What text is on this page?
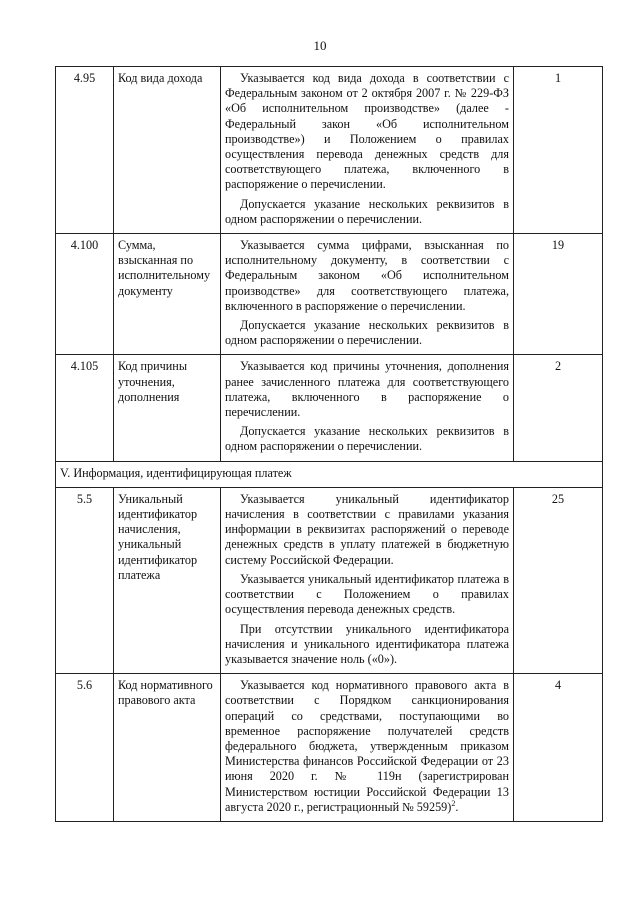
10
4.95	Код вида дохода	Указывается код вида дохода в соответствии с Федеральным законом от 2 октября 2007 г. № 229-ФЗ «Об исполнительном производстве» (далее - Федеральный закон «Об исполнительном производстве») и Положением о правилах осуществления перевода денежных средств для соответствующего платежа, включенного в распоряжение о перечислении.

Допускается указание нескольких реквизитов в одном распоряжении о перечислении.	1
4.100	Сумма, взысканная по исполнительному документу	Указывается сумма цифрами, взысканная по исполнительному документу, в соответствии с Федеральным законом «Об исполнительном производстве» для соответствующего платежа, включенного в распоряжение о перечислении.

Допускается указание нескольких реквизитов в одном распоряжении о перечислении.	19
4.105	Код причины уточнения, дополнения	Указывается код причины уточнения, дополнения ранее зачисленного платежа для соответствующего платежа, включенного в распоряжение о перечислении.

Допускается указание нескольких реквизитов в одном распоряжении о перечислении.	2
V. Информация, идентифицирующая платеж			
5.5	Уникальный идентификатор начисления, уникальный идентификатор платежа	Указывается уникальный идентификатор начисления в соответствии с правилами указания информации в реквизитах распоряжений о переводе денежных средств в уплату платежей в бюджетную систему Российской Федерации.

Указывается уникальный идентификатор платежа в соответствии с Положением о правилах осуществления перевода денежных средств.

При отсутствии уникального идентификатора начисления и уникального идентификатора платежа указывается значение ноль («0»).	25
5.6	Код нормативного правового акта	Указывается код нормативного правового акта в соответствии с Порядком санкционирования операций со средствами, поступающими во временное распоряжение получателей средств федерального бюджета, утвержденным приказом Министерства финансов Российской Федерации от 23 июня 2020 г. № 119н (зарегистрирован Министерством юстиции Российской Федерации 13 августа 2020 г., регистрационный № 59259)$^2$.	4
